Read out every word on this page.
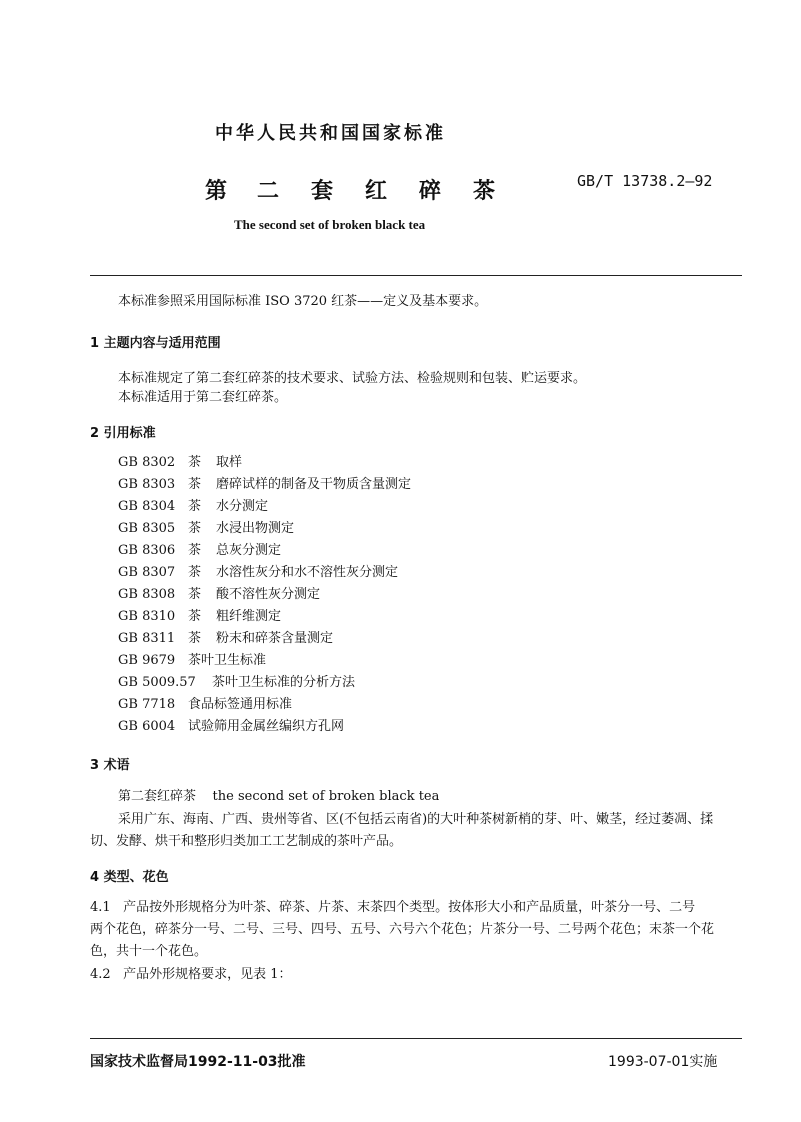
中华人民共和国国家标准
第 二 套 红 碎 茶	GB/T 13738.2—92
The second set of broken black tea
本标准参照采用国际标准 ISO 3720 红茶——定义及基本要求。
1 主题内容与适用范围
本标准规定了第二套红碎茶的技术要求、试验方法、检验规则和包装、贮运要求。
本标准适用于第二套红碎茶。
2 引用标准
GB 8302 茶 取样
GB 8303 茶 磨碎试样的制备及干物质含量测定
GB 8304 茶 水分测定
GB 8305 茶 水浸出物测定
GB 8306 茶 总灰分测定
GB 8307 茶 水溶性灰分和水不溶性灰分测定
GB 8308 茶 酸不溶性灰分测定
GB 8310 茶 粗纤维测定
GB 8311 茶 粉末和碎茶含量测定
GB 9679 茶叶卫生标准
GB 5009.57 茶叶卫生标准的分析方法
GB 7718 食品标签通用标准
GB 6004 试验筛用金属丝编织方孔网
3 术语
第二套红碎茶    the second set of broken black tea
采用广东、海南、广西、贵州等省、区(不包括云南省)的大叶种茶树新梢的芽、叶、嫩茎，经过萎凋、揉
切、发酵、烘干和整形归类加工工艺制成的茶叶产品。
4 类型、花色
4.1   产品按外形规格分为叶茶、碎茶、片茶、末茶四个类型。按体形大小和产品质量，叶茶分一号、二号
两个花色，碎茶分一号、二号、三号、四号、五号、六号六个花色；片茶分一号、二号两个花色；末茶一个花
色，共十一个花色。
4.2   产品外形规格要求，见表 1：
国家技术监督局1992-11-03批准	1993-07-01实施
